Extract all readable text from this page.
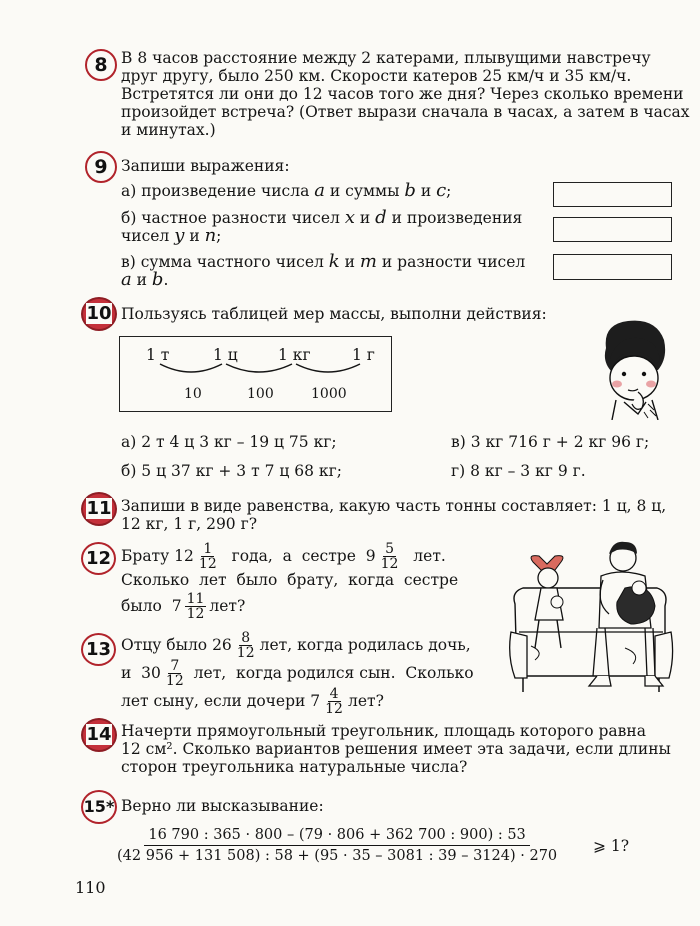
8 В 8 часов расстояние между 2 катерами, плывущими навстречу
друг другу, было 250 км. Скорости катеров 25 км/ч и 35 км/ч.
Встретятся ли они до 12 часов того же дня? Через сколько времени
произойдет встреча? (Ответ вырази сначала в часах, а затем в часах
и минутах.)
9 Запиши выражения:
а) произведение числа a и суммы b и c;
б) частное разности чисел x и d и произведения
чисел y и n;
в) сумма частного чисел k и m и разности чисел
a и b.
10 Пользуясь таблицей мер массы, выполни действия:
1 т	1 ц	1 кг	1 г
10	100	1000
а) 2 т 4 ц 3 кг – 19 ц 75 кг;	в) 3 кг 716 г + 2 кг 96 г;
б) 5 ц 37 кг + 3 т 7 ц 68 кг;	г) 8 кг – 3 кг 9 г.
11 Запиши в виде равенства, какую часть тонны составляет: 1 ц, 8 ц,
12 кг, 1 г, 290 г?
12 Брату $12 \frac{1}{12}$ года,  а  сестре  $9 \frac{5}{12}$ лет.
Сколько  лет  было  брату,  когда  сестре
было  $7 \frac{11}{12}$ лет?
13 Отцу было $26 \frac{8}{12}$ лет, когда родилась дочь,
и  $30 \frac{7}{12}$ лет,  когда родился сын.  Сколько
лет сыну, если дочери $7 \frac{4}{12}$ лет?
14 Начерти прямоугольный треугольник, площадь которого равна
12 см². Сколько вариантов решения имеет эта задачи, если длины
сторон треугольника натуральные числа?
15* Верно ли высказывание:
$\frac{16 790 : 365 \cdot 800 - (79 \cdot 806 + 362 700 : 900) : 53}{(42 956 + 131 508) : 58 + (95 \cdot 35 - 3081 : 39 - 3124) \cdot 270}$ ⩾ 1?
110
